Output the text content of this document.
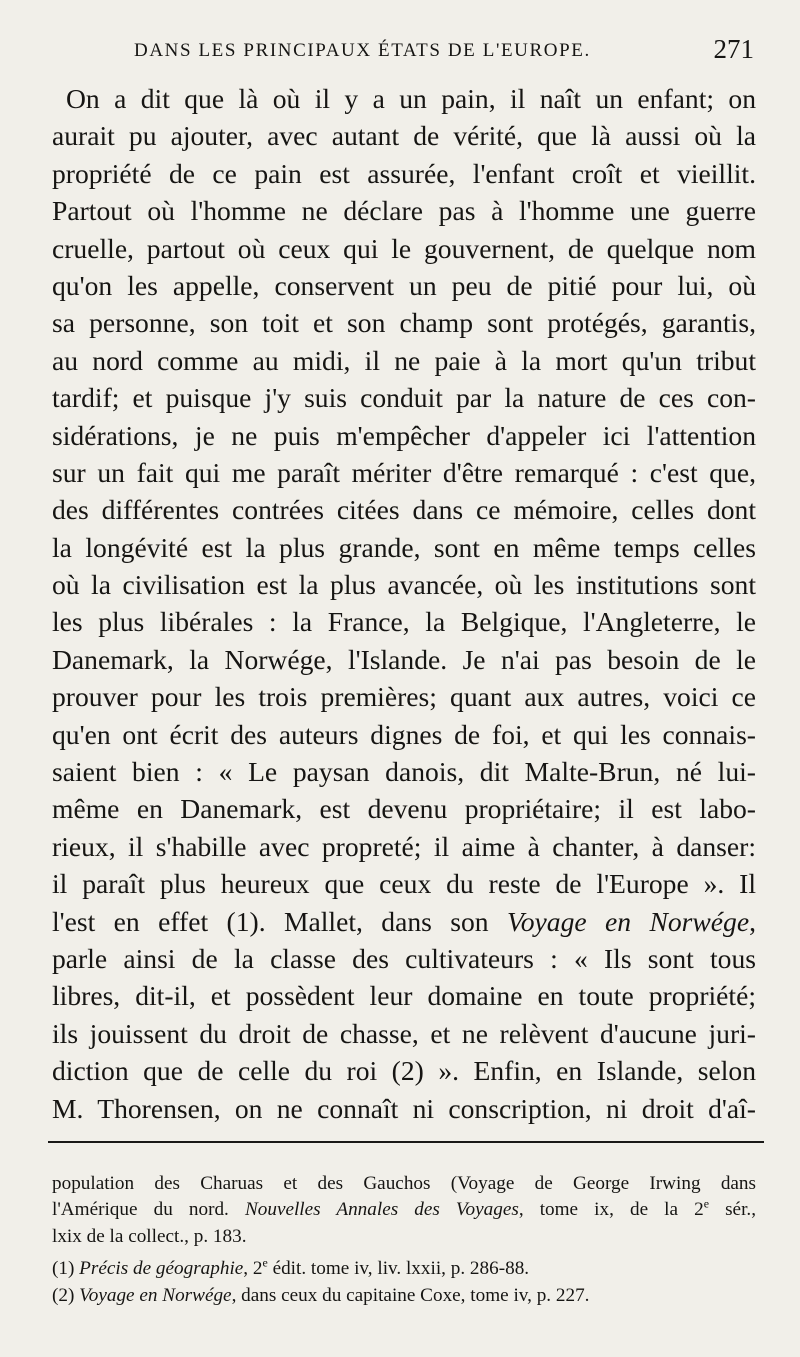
DANS LES PRINCIPAUX ÉTATS DE L'EUROPE.	271
On a dit que là où il y a un pain, il naît un enfant; on
aurait pu ajouter, avec autant de vérité, que là aussi où la
propriété de ce pain est assurée, l'enfant croît et vieillit.
Partout où l'homme ne déclare pas à l'homme une guerre
cruelle, partout où ceux qui le gouvernent, de quelque nom
qu'on les appelle, conservent un peu de pitié pour lui, où
sa personne, son toit et son champ sont protégés, garantis,
au nord comme au midi, il ne paie à la mort qu'un tribut
tardif; et puisque j'y suis conduit par la nature de ces con-
sidérations, je ne puis m'empêcher d'appeler ici l'attention
sur un fait qui me paraît mériter d'être remarqué : c'est que,
des différentes contrées citées dans ce mémoire, celles dont
la longévité est la plus grande, sont en même temps celles
où la civilisation est la plus avancée, où les institutions sont
les plus libérales : la France, la Belgique, l'Angleterre, le
Danemark, la Norwége, l'Islande. Je n'ai pas besoin de le
prouver pour les trois premières; quant aux autres, voici ce
qu'en ont écrit des auteurs dignes de foi, et qui les connais-
saient bien : « Le paysan danois, dit Malte-Brun, né lui-
même en Danemark, est devenu propriétaire; il est labo-
rieux, il s'habille avec propreté; il aime à chanter, à danser:
il paraît plus heureux que ceux du reste de l'Europe ». Il
l'est en effet (1). Mallet, dans son Voyage en Norwége,
parle ainsi de la classe des cultivateurs : « Ils sont tous
libres, dit-il, et possèdent leur domaine en toute propriété;
ils jouissent du droit de chasse, et ne relèvent d'aucune juri-
diction que de celle du roi (2) ». Enfin, en Islande, selon
M. Thorensen, on ne connaît ni conscription, ni droit d'aî-
population des Charuas et des Gauchos (Voyage de George Irwing dans
l'Amérique du nord. Nouvelles Annales des Voyages, tome ix, de la 2e sér.,
lxix de la collect., p. 183.
(1) Précis de géographie, 2e édit. tome iv, liv. lxxii, p. 286-88.
(2) Voyage en Norwége, dans ceux du capitaine Coxe, tome iv, p. 227.
